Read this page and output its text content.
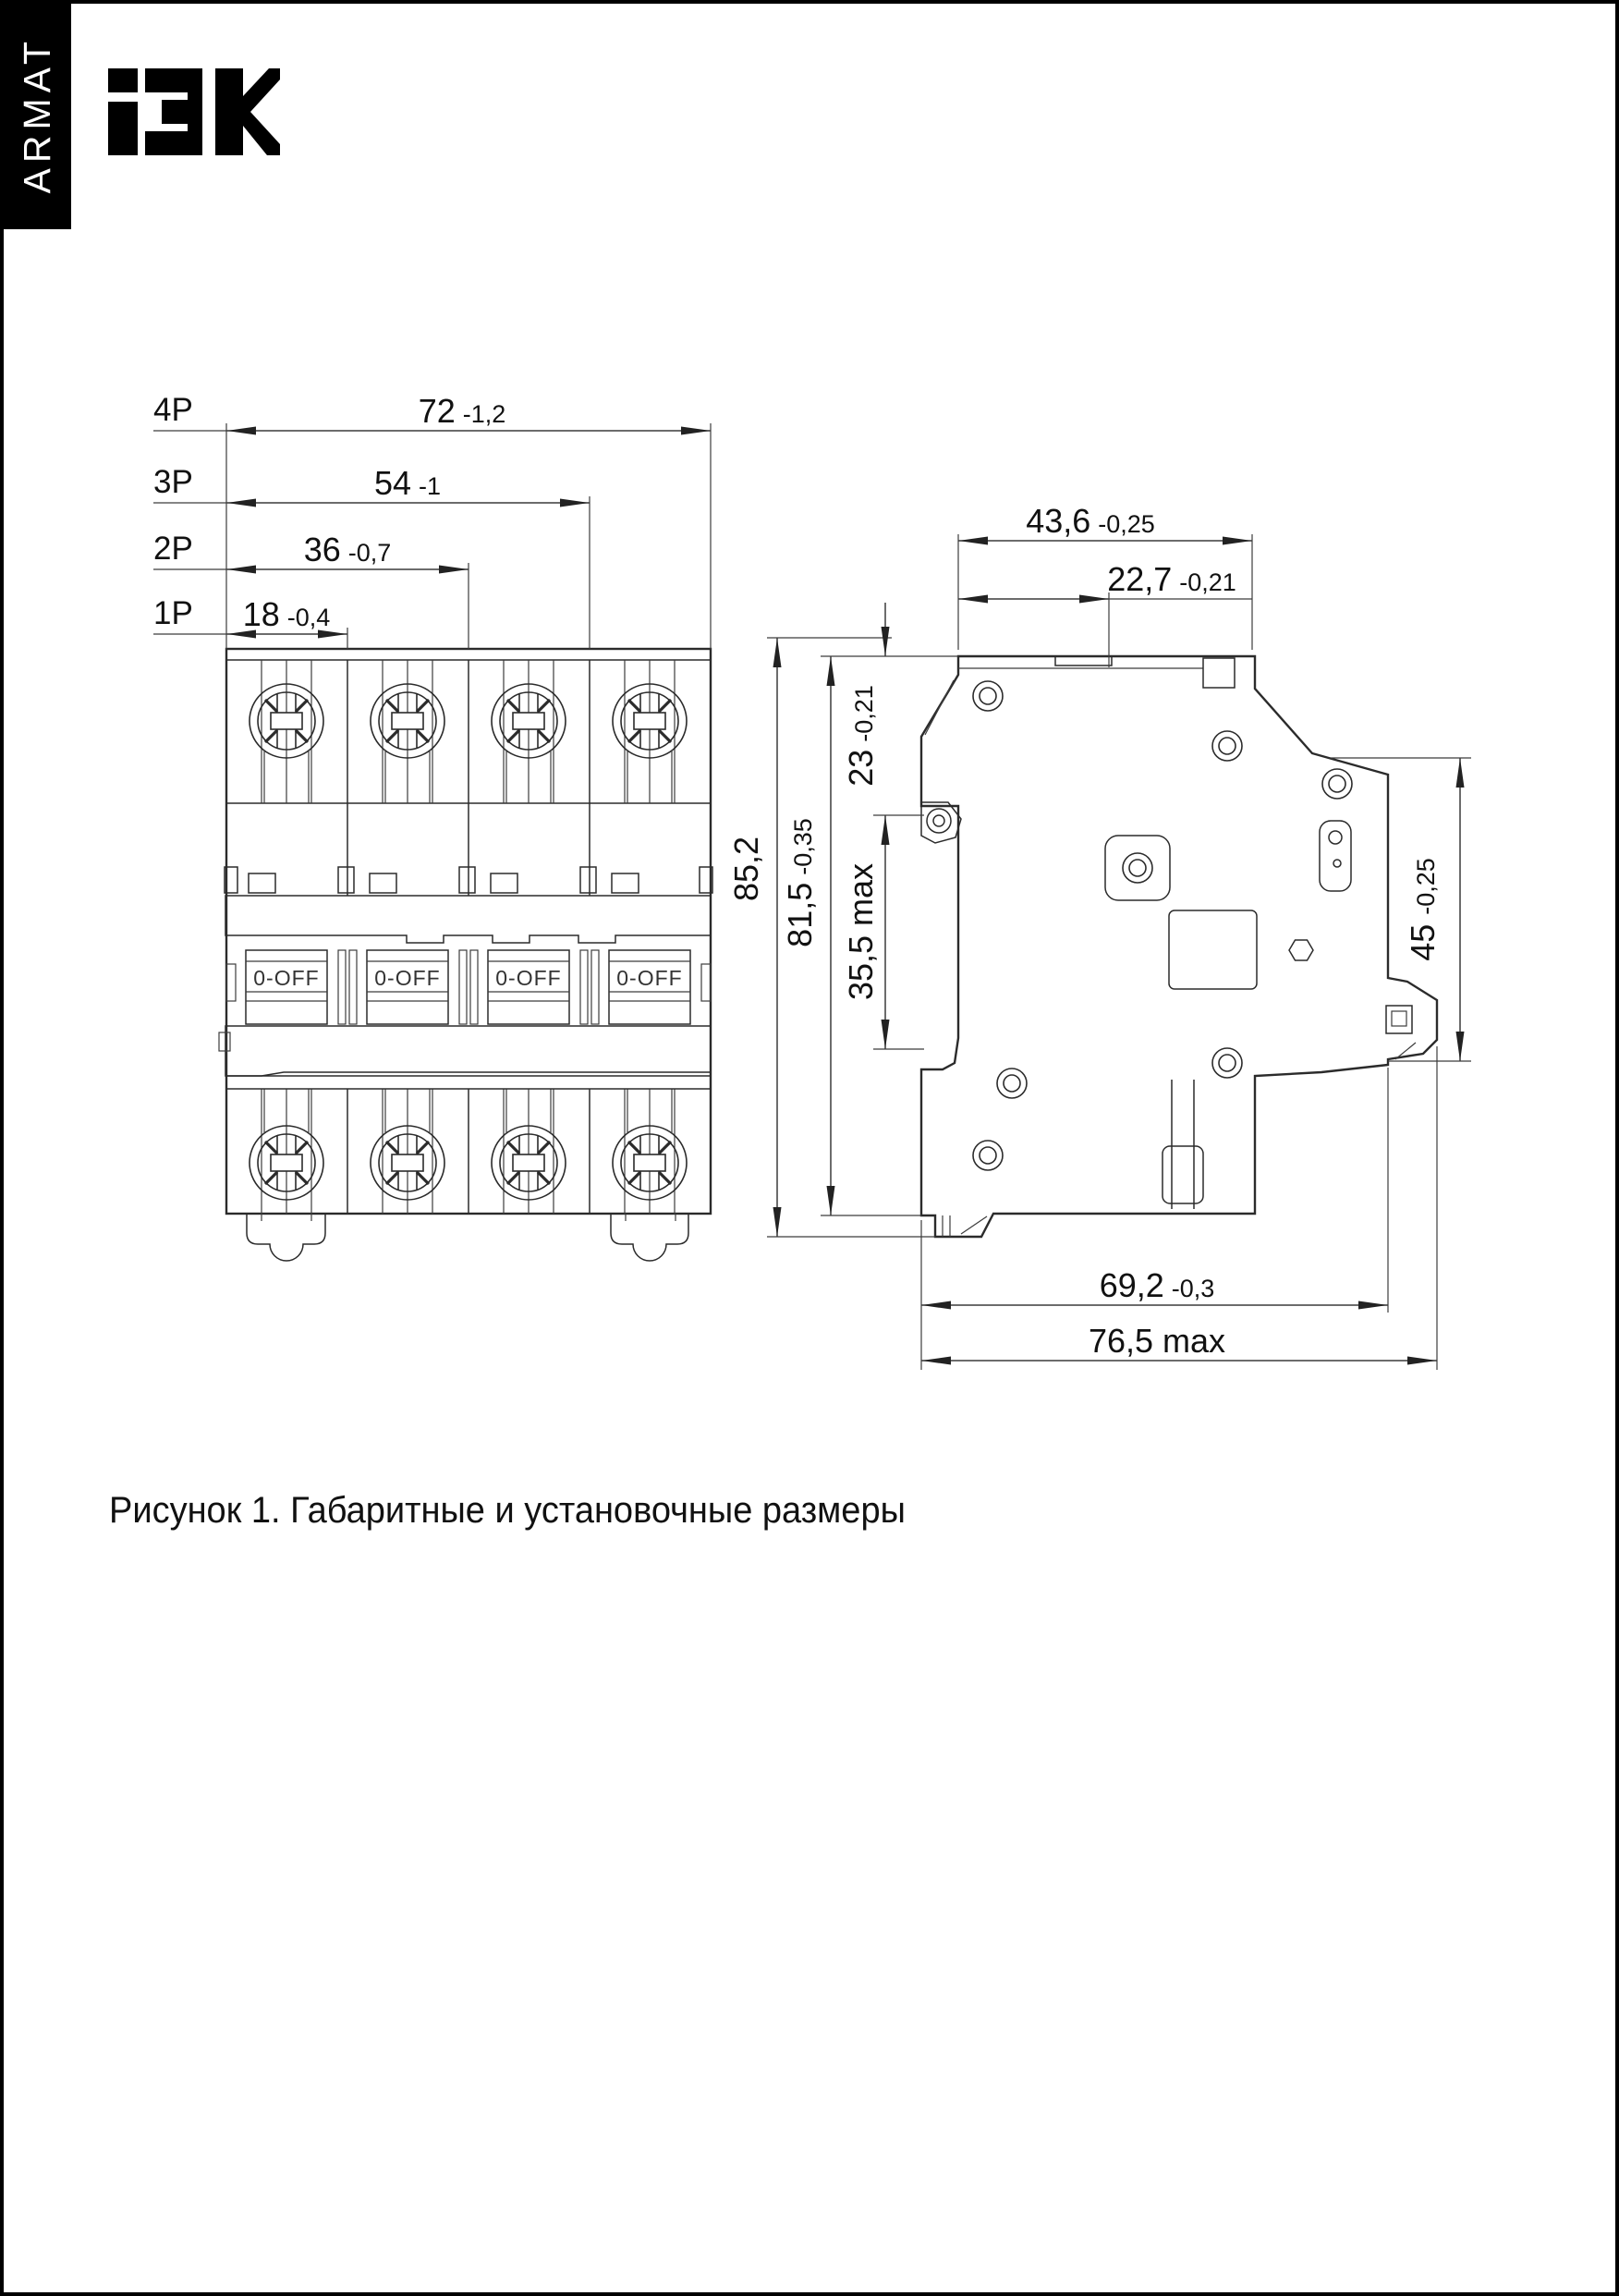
ARMAT
0-OFF	0-OFF	0-OFF	0-OFF
4P	72 -1,2
3P	54 -1
2P	36 -0,7
1P 18 -0,4
43,6 -0,25
22,7 -0,21
85,2
81,5-0,35
23-0,21
35,5max
45-0,25
69,2 -0,3
76,5 max
Рисунок 1. Габаритные и установочные размеры
